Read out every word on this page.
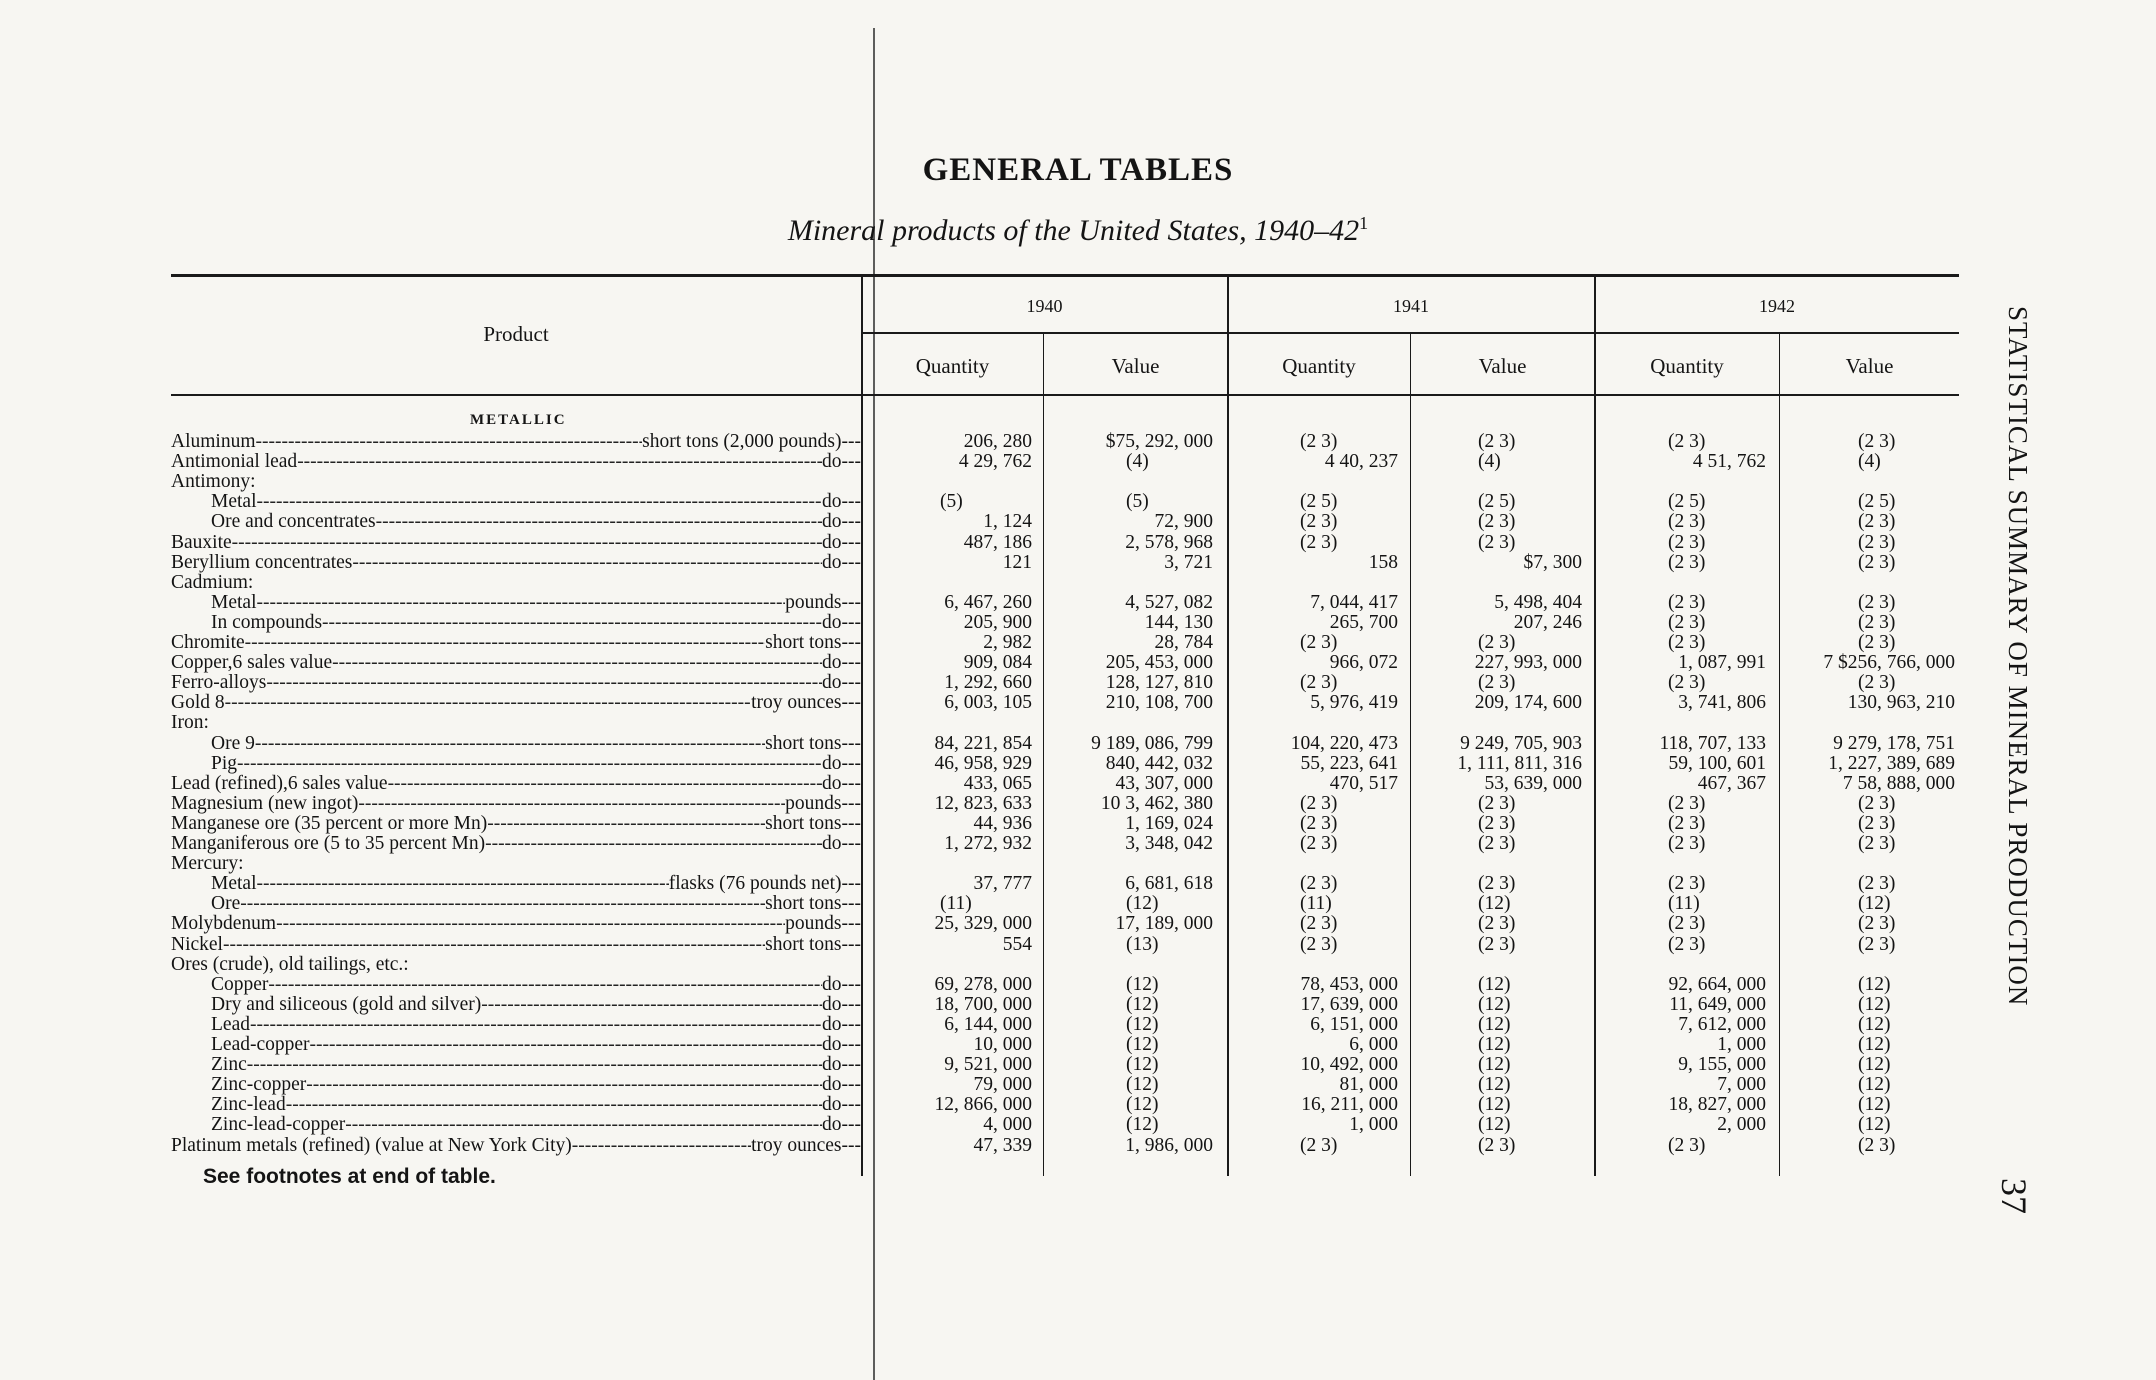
GENERAL TABLES
Mineral products of the United States, $1940-42^1$
Product
1940	1941	1942
Quantity	Value	Quantity	Value	Quantity	Value
METALLIC
Aluminum -----	short tons (2,000 pounds) ---	206, 280	$75, 292, 000	(2 3)	(2 3)	(2 3)	(2 3)
Antimonial lead -----	do ---	4 29, 762	(4)	4 40, 237	(4)	4 51, 762	(4)
Antimony:
Metal -----	do ---	(5)	(5)	(2 5)	(2 5)	(2 5)	(2 5)
Ore and concentrates -----	do ---	1, 124	72, 900	(2 3)	(2 3)	(2 3)	(2 3)
Bauxite -----	do ---	487, 186	2, 578, 968	(2 3)	(2 3)	(2 3)	(2 3)
Beryllium concentrates -----	do ---	121	3, 721	158	$7, 300	(2 3)	(2 3)
Cadmium:
Metal -----	pounds ---	6, 467, 260	4, 527, 082	7, 044, 417	5, 498, 404	(2 3)	(2 3)
In compounds -----	do ---	205, 900	144, 130	265, 700	207, 246	(2 3)	(2 3)
Chromite -----	short tons ---	2, 982	28, 784	(2 3)	(2 3)	(2 3)	(2 3)
Copper,6 sales value -----	do ---	909, 084	205, 453, 000	966, 072	227, 993, 000	1, 087, 991	7 $256, 766, 000
Ferro-alloys -----	do ---	1, 292, 660	128, 127, 810	(2 3)	(2 3)	(2 3)	(2 3)
Gold 8 -----	troy ounces ---	6, 003, 105	210, 108, 700	5, 976, 419	209, 174, 600	3, 741, 806	130, 963, 210
Iron:
Ore 9 -----	short tons ---	84, 221, 854	9 189, 086, 799	104, 220, 473	9 249, 705, 903	118, 707, 133	9 279, 178, 751
Pig -----	do ---	46, 958, 929	840, 442, 032	55, 223, 641	1, 111, 811, 316	59, 100, 601	1, 227, 389, 689
Lead (refined),6 sales value -----	do ---	433, 065	43, 307, 000	470, 517	53, 639, 000	467, 367	7 58, 888, 000
Magnesium (new ingot) -----	pounds ---	12, 823, 633	10 3, 462, 380	(2 3)	(2 3)	(2 3)	(2 3)
Manganese ore (35 percent or more Mn) -----	short tons ---	44, 936	1, 169, 024	(2 3)	(2 3)	(2 3)	(2 3)
Manganiferous ore (5 to 35 percent Mn) -----	do ---	1, 272, 932	3, 348, 042	(2 3)	(2 3)	(2 3)	(2 3)
Mercury:
Metal -----	flasks (76 pounds net) ---	37, 777	6, 681, 618	(2 3)	(2 3)	(2 3)	(2 3)
Ore -----	short tons ---	(11)	(12)	(11)	(12)	(11)	(12)
Molybdenum -----	pounds ---	25, 329, 000	17, 189, 000	(2 3)	(2 3)	(2 3)	(2 3)
Nickel -----	short tons ---	554	(13)	(2 3)	(2 3)	(2 3)	(2 3)
Ores (crude), old tailings, etc.:
Copper -----	do ---	69, 278, 000	(12)	78, 453, 000	(12)	92, 664, 000	(12)
Dry and siliceous (gold and silver) -----	do ---	18, 700, 000	(12)	17, 639, 000	(12)	11, 649, 000	(12)
Lead -----	do ---	6, 144, 000	(12)	6, 151, 000	(12)	7, 612, 000	(12)
Lead-copper -----	do ---	10, 000	(12)	6, 000	(12)	1, 000	(12)
Zinc -----	do ---	9, 521, 000	(12)	10, 492, 000	(12)	9, 155, 000	(12)
Zinc-copper -----	do ---	79, 000	(12)	81, 000	(12)	7, 000	(12)
Zinc-lead -----	do ---	12, 866, 000	(12)	16, 211, 000	(12)	18, 827, 000	(12)
Zinc-lead-copper -----	do ---	4, 000	(12)	1, 000	(12)	2, 000	(12)
Platinum metals (refined) (value at New York City) -----	troy ounces ---	47, 339	1, 986, 000	(2 3)	(2 3)	(2 3)	(2 3)
See footnotes at end of table.
STATISTICAL SUMMARY OF MINERAL PRODUCTION
37
